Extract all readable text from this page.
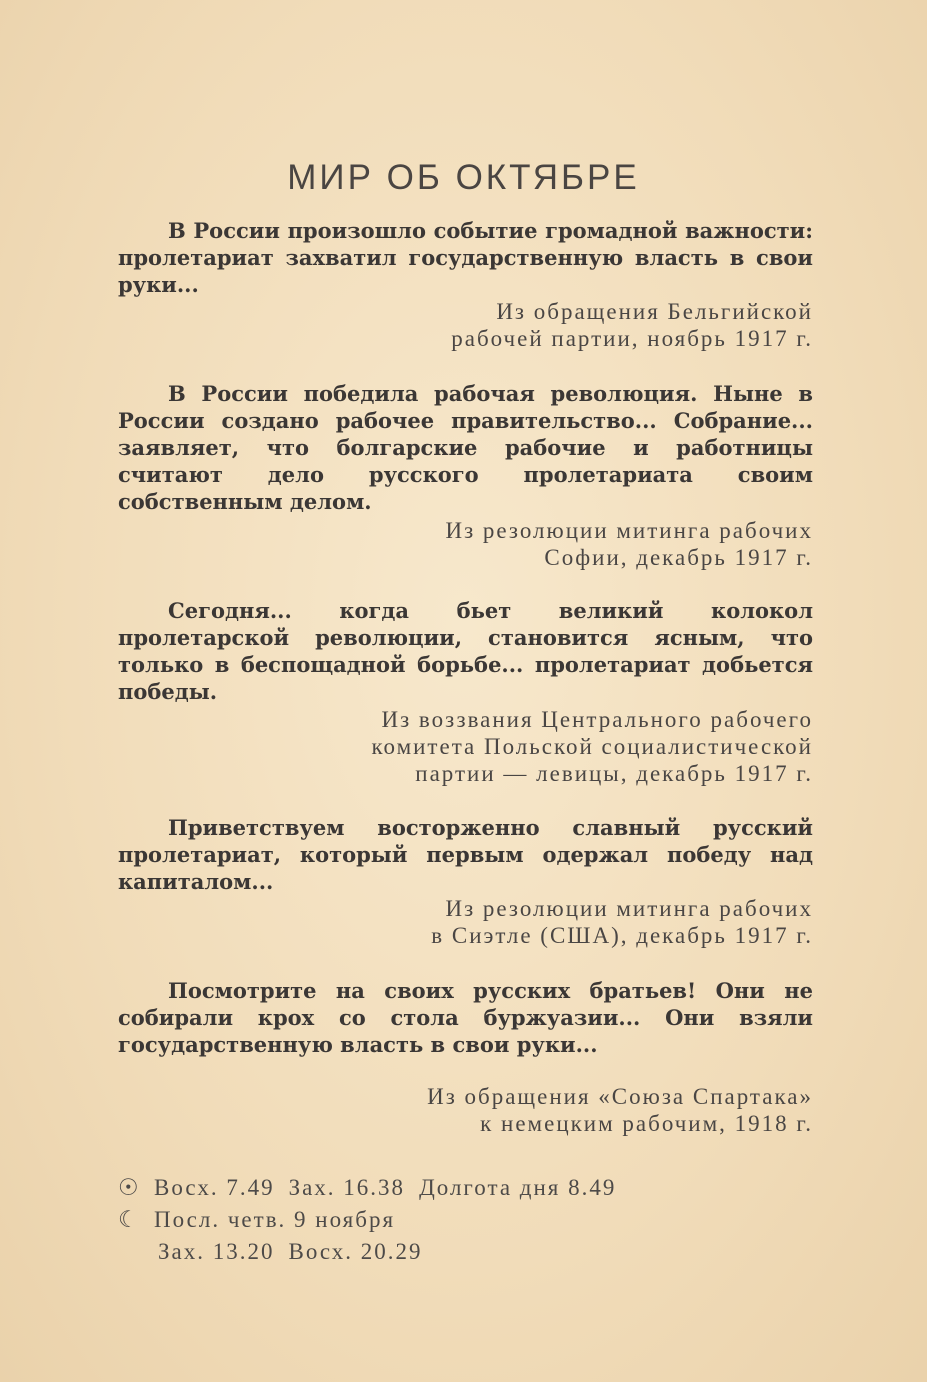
МИР ОБ ОКТЯБРЕ

В России произошло событие громадной важности: пролетариат захватил государственную власть в свои руки...

Из обращения Бельгийской
рабочей партии, ноябрь 1917 г.

В России победила рабочая революция. Ныне в России создано рабочее правительство... Собрание... заявляет, что болгарские рабочие и работницы считают дело русского пролетариата своим собственным делом.

Из резолюции митинга рабочих
Софии, декабрь 1917 г.

Сегодня... когда бьет великий колокол пролетарской революции, становится ясным, что только в беспощадной борьбе... пролетариат добьется победы.

Из воззвания Центрального рабочего
комитета Польской социалистической
партии — левицы, декабрь 1917 г.

Приветствуем восторженно славный русский пролетариат, который первым одержал победу над капиталом...

Из резолюции митинга рабочих
в Сиэтле (США), декабрь 1917 г.

Посмотрите на своих русских братьев! Они не собирали крох со стола буржуазии... Они взяли государственную власть в свои руки...

Из обращения «Союза Спартака»
к немецким рабочим, 1918 г.

☉ Восх. 7.49 Зах. 16.38 Долгота дня 8.49
☾ Посл. четв. 9 ноября
Зах. 13.20 Восх. 20.29
